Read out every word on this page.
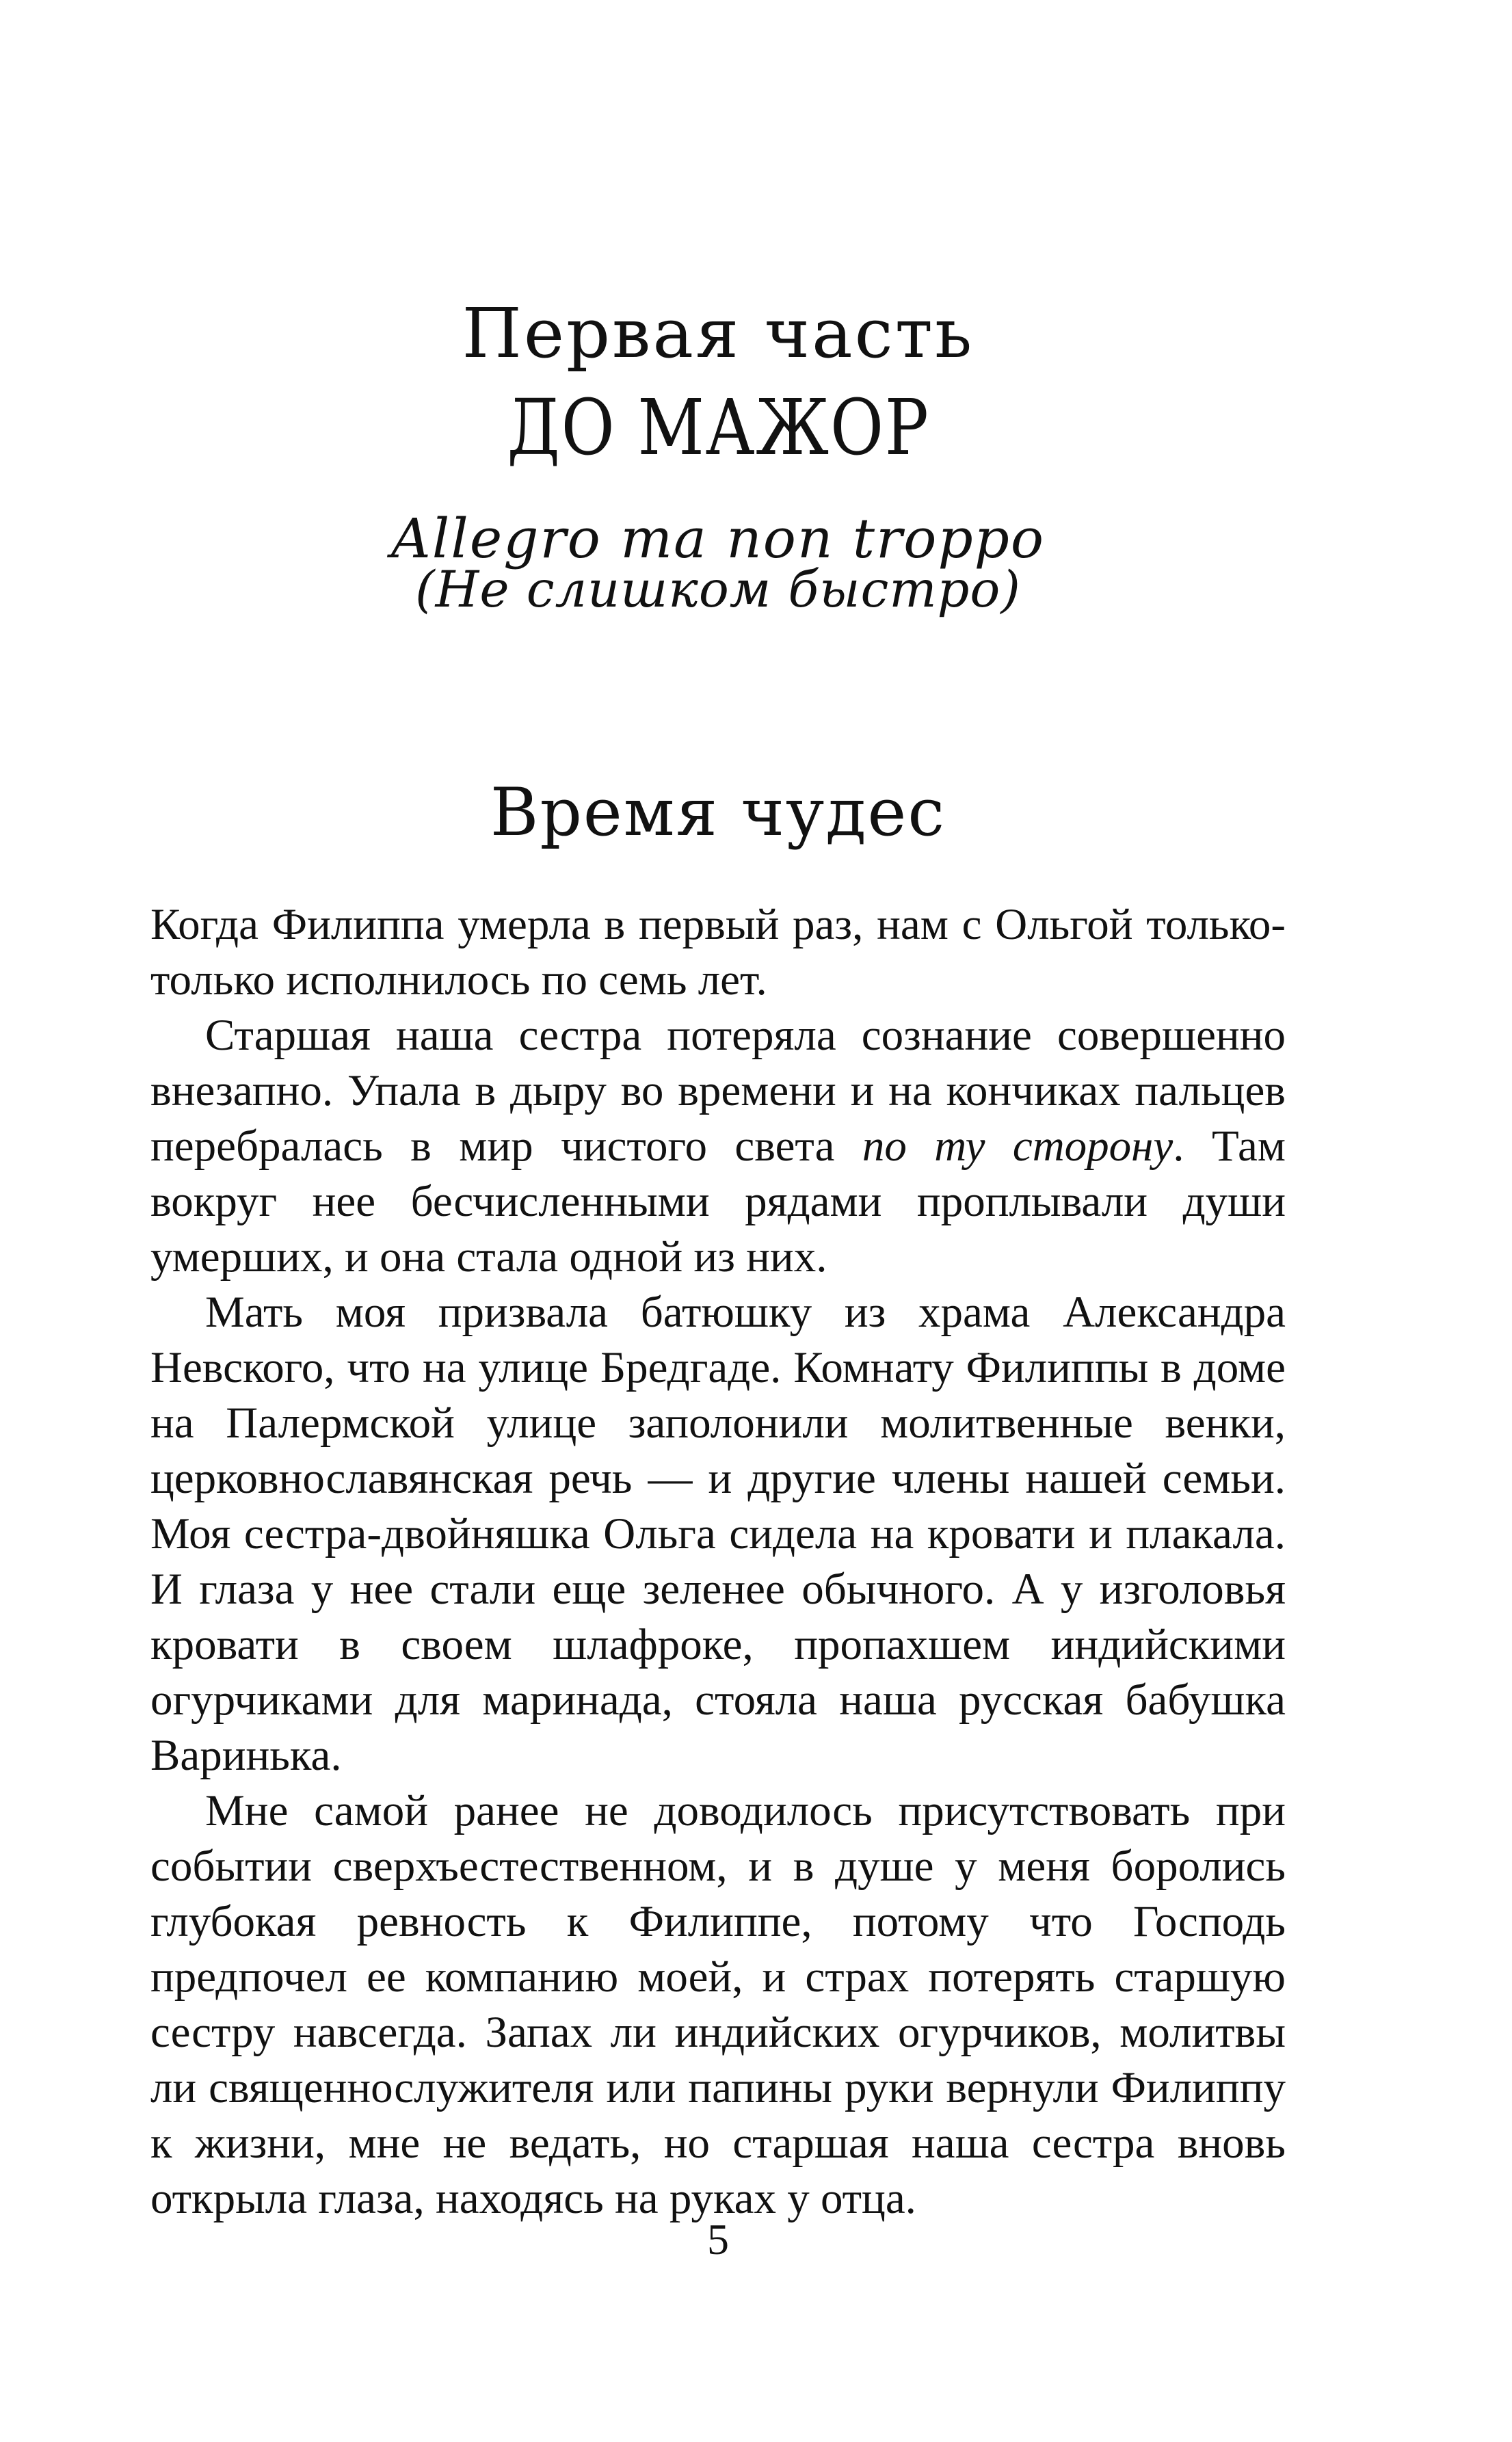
Первая часть
ДО МАЖОР
Allegro ma non troppo
(Не слишком быстро)
Время чудес

Когда Филиппа умерла в первый раз, нам с Ольгой только-только исполнилось по семь лет.

Старшая наша сестра потеряла сознание совершенно внезапно. Упала в дыру во времени и на кончиках пальцев перебралась в мир чистого света по ту сторону. Там вокруг нее бесчисленными рядами проплывали души умерших, и она стала одной из них.

Мать моя призвала батюшку из храма Александра Невского, что на улице Бредгаде. Комнату Филиппы в доме на Палермской улице заполонили молитвенные венки, церковнославянская речь — и другие члены нашей семьи. Моя сестра-двойняшка Ольга сидела на кровати и плакала. И глаза у нее стали еще зеленее обычного. А у изголовья кровати в своем шлафроке, пропахшем индийскими огурчиками для маринада, стояла наша русская бабушка Варинька.

Мне самой ранее не доводилось присутствовать при событии сверхъестественном, и в душе у меня боролись глубокая ревность к Филиппе, потому что Господь предпочел ее компанию моей, и страх потерять старшую сестру навсегда. Запах ли индийских огурчиков, молитвы ли священнослужителя или папины руки вернули Филиппу к жизни, мне не ведать, но старшая наша сестра вновь открыла глаза, находясь на руках у отца.

5
